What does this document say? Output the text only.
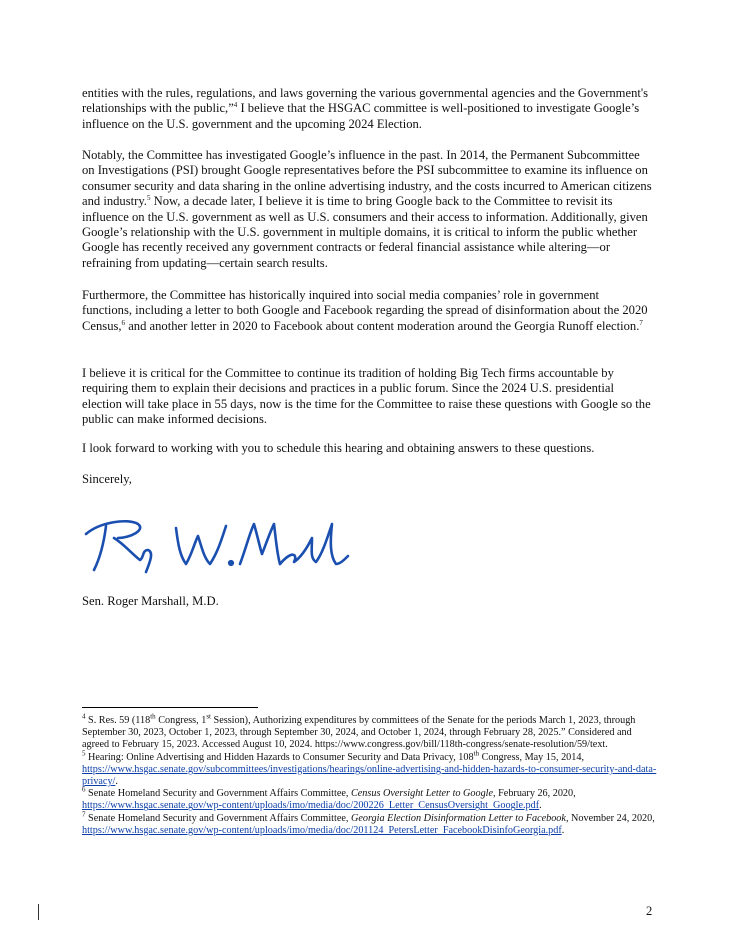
entities with the rules, regulations, and laws governing the various governmental agencies and the Government's relationships with the public,”$^4$ I believe that the HSGAC committee is well-positioned to investigate Google’s influence on the U.S. government and the upcoming 2024 Election.

Notably, the Committee has investigated Google’s influence in the past. In 2014, the Permanent Subcommittee on Investigations (PSI) brought Google representatives before the PSI subcommittee to examine its influence on consumer security and data sharing in the online advertising industry, and the costs incurred to American citizens and industry.$^5$ Now, a decade later, I believe it is time to bring Google back to the Committee to revisit its influence on the U.S. government as well as U.S. consumers and their access to information. Additionally, given Google’s relationship with the U.S. government in multiple domains, it is critical to inform the public whether Google has recently received any government contracts or federal financial assistance while altering—or refraining from updating—certain search results.

Furthermore, the Committee has historically inquired into social media companies’ role in government functions, including a letter to both Google and Facebook regarding the spread of disinformation about the 2020 Census,$^6$ and another letter in 2020 to Facebook about content moderation around the Georgia Runoff election.$^7$

I believe it is critical for the Committee to continue its tradition of holding Big Tech firms accountable by requiring them to explain their decisions and practices in a public forum. Since the 2024 U.S. presidential election will take place in 55 days, now is the time for the Committee to raise these questions with Google so the public can make informed decisions.

I look forward to working with you to schedule this hearing and obtaining answers to these questions.

Sincerely,

Sen. Roger Marshall, M.D.

$^4$ S. Res. 59 (118th Congress, 1st Session), Authorizing expenditures by committees of the Senate for the periods March 1, 2023, through September 30, 2023, October 1, 2023, through September 30, 2024, and October 1, 2024, through February 28, 2025.” Considered and agreed to February 15, 2023. Accessed August 10, 2024. https://www.congress.gov/bill/118th-congress/senate-resolution/59/text.

$^5$ Hearing: Online Advertising and Hidden Hazards to Consumer Security and Data Privacy, 108th Congress, May 15, 2014, https://www.hsgac.senate.gov/subcommittees/investigations/hearings/online-advertising-and-hidden-hazards-to-consumer-security-and-data-privacy/.

$^6$ Senate Homeland Security and Government Affairs Committee, Census Oversight Letter to Google, February 26, 2020, https://www.hsgac.senate.gov/wp-content/uploads/imo/media/doc/200226_Letter_CensusOversight_Google.pdf.

$^7$ Senate Homeland Security and Government Affairs Committee, Georgia Election Disinformation Letter to Facebook, November 24, 2020, https://www.hsgac.senate.gov/wp-content/uploads/imo/media/doc/201124_PetersLetter_FacebookDisinfoGeorgia.pdf.

2
